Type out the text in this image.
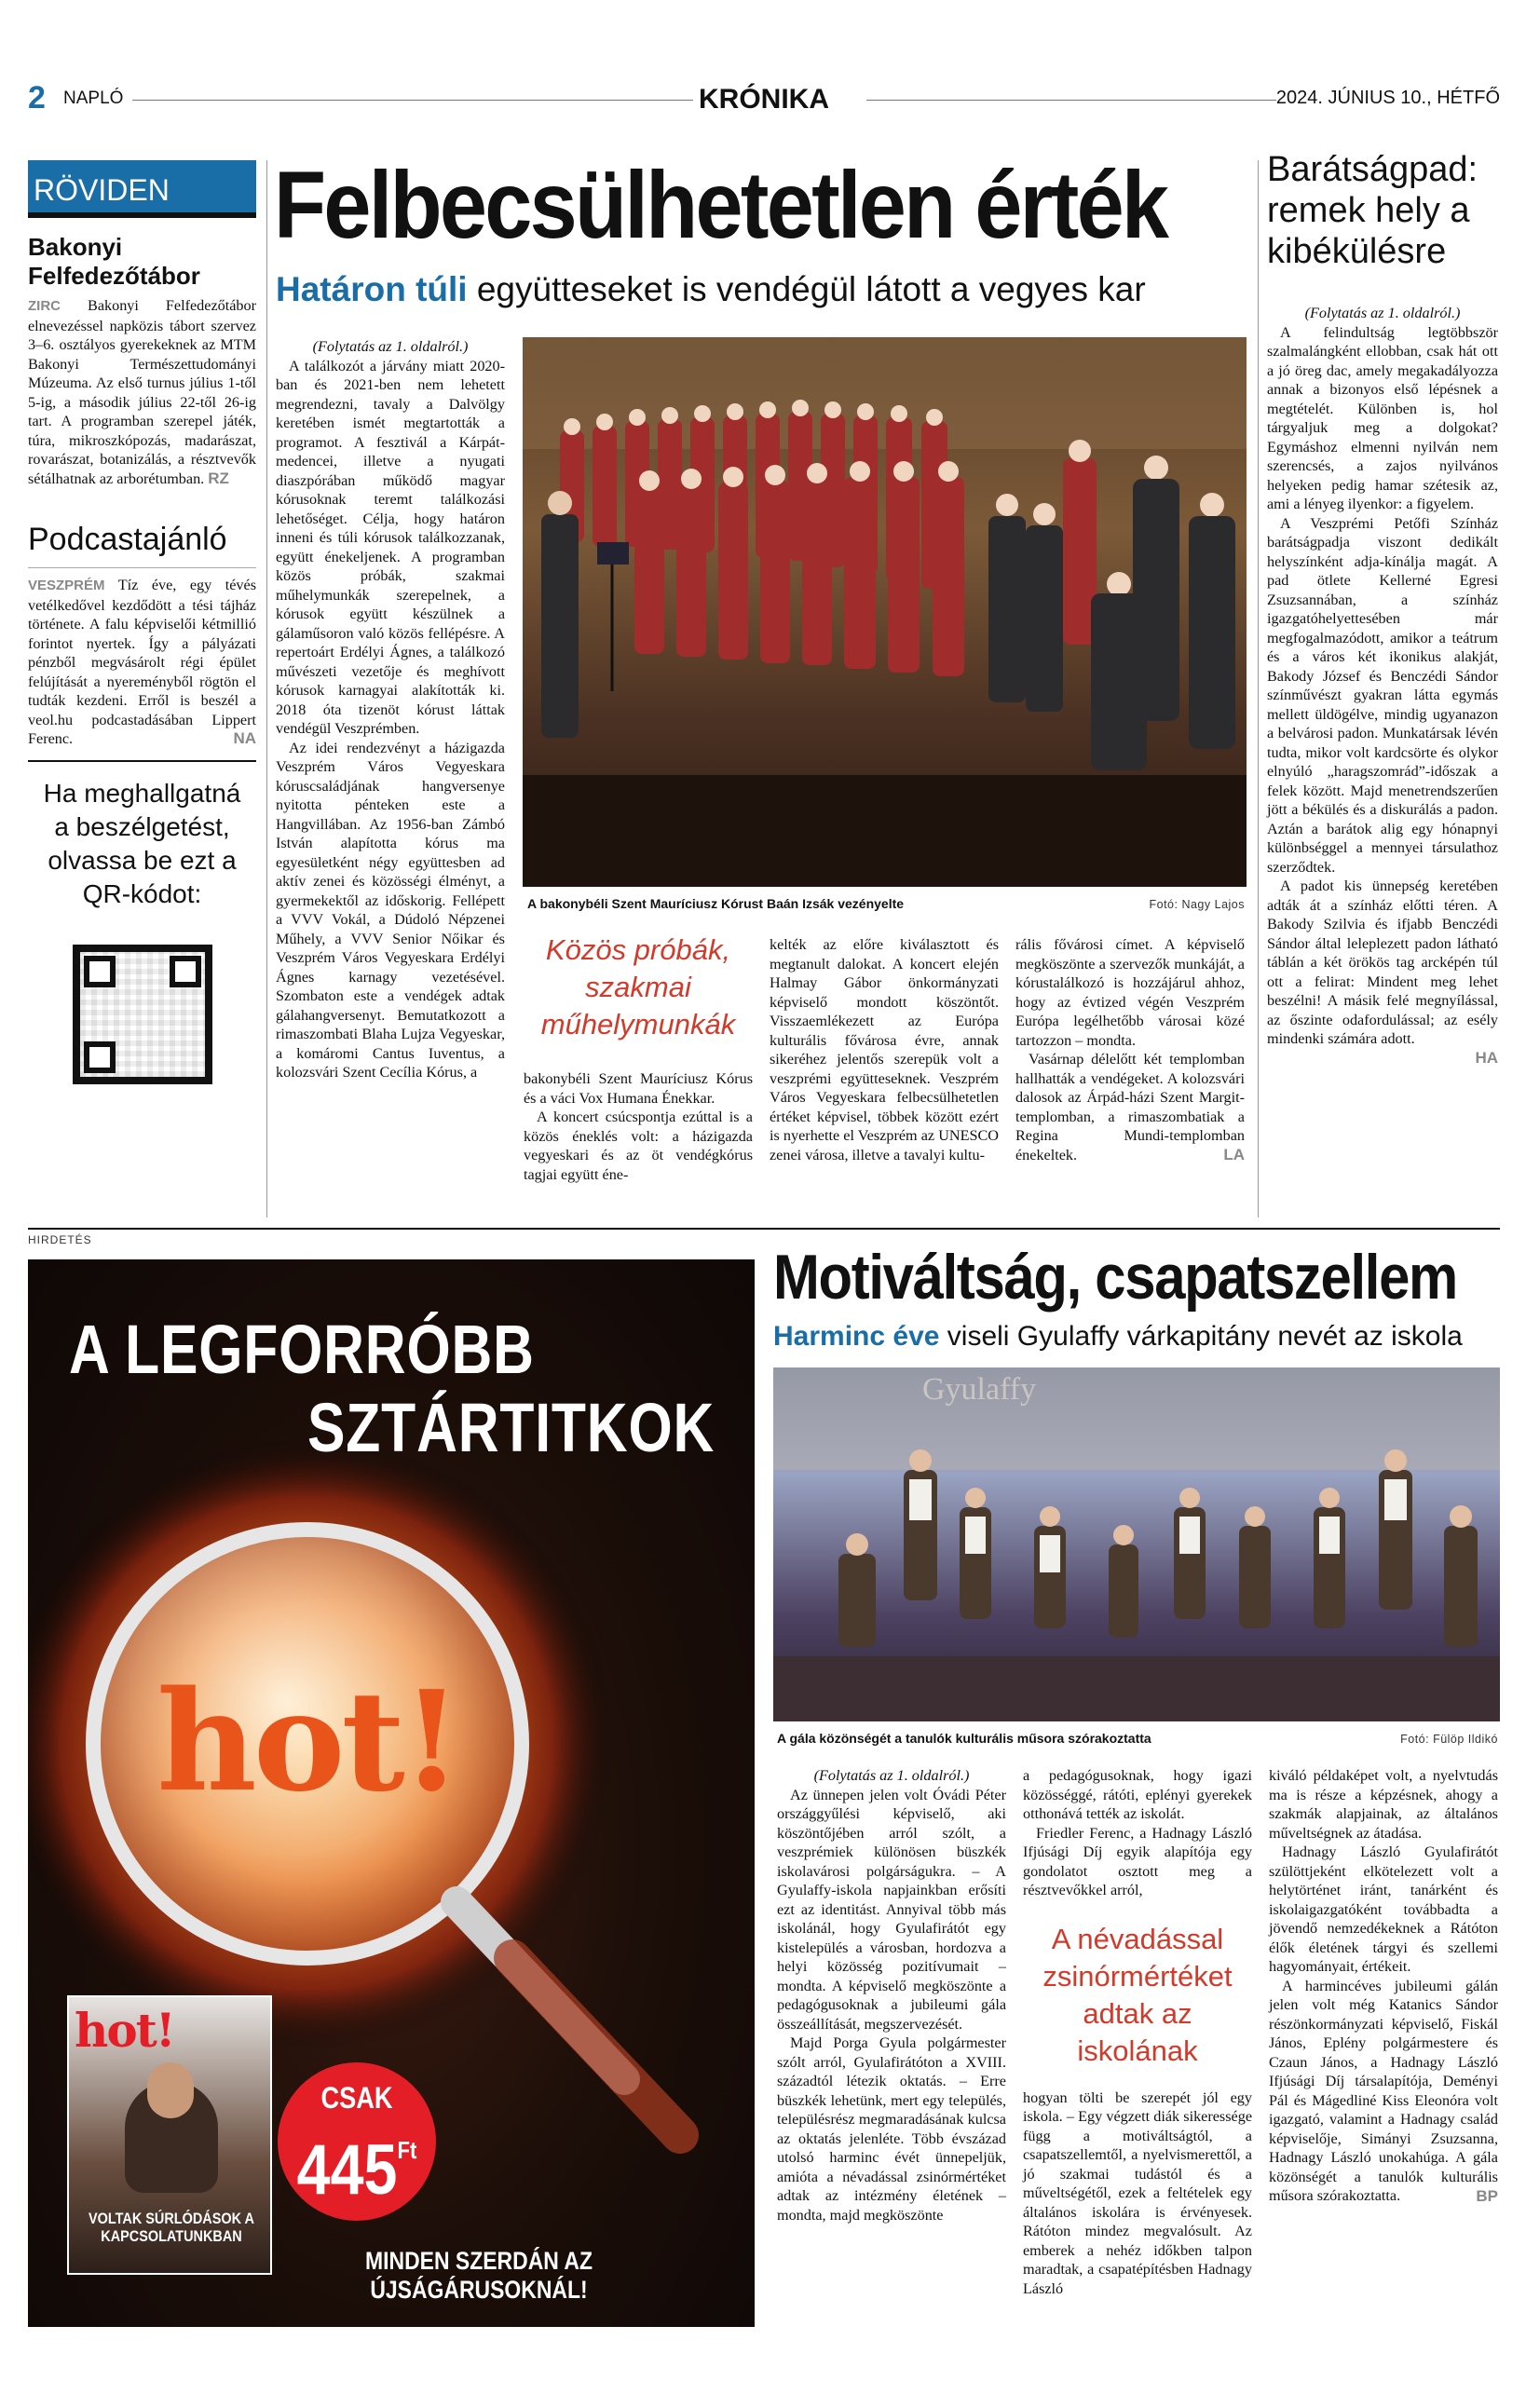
2 NAPLÓ	KRÓNIKA	2024. JÚNIUS 10., HÉTFŐ
RÖVIDEN
Bakonyi Felfedezőtábor

ZIRC Bakonyi Felfedezőtábor elnevezéssel napközis tábort szervez 3–6. osztályos gyerekeknek az MTM Bakonyi Természettudományi Múzeuma. Az első turnus július 1-től 5-ig, a második július 22-től 26-ig tart. A programban szerepel játék, túra, mikroszkópozás, madarászat, rovarászat, botanizálás, a résztvevők sétálhatnak az arborétumban. RZ

Podcastajánló

VESZPRÉM Tíz éve, egy tévés vetélkedővel kezdődött a tési tájház története. A falu képviselői kétmillió forintot nyertek. Így a pályázati pénzből megvásárolt régi épület felújítását a nyereményből rögtön el tudták kezdeni. Erről is beszél a veol.hu podcastadásában Lippert Ferenc.	NA

Ha meghallgatná a beszélgetést, olvassa be ezt a QR-kódot:
Felbecsülhetetlen érték
Határon túli együtteseket is vendégül látott a vegyes kar

(Folytatás az 1. oldalról.)

A találkozót a járvány miatt 2020-ban és 2021-ben nem lehetett megrendezni, tavaly a Dalvölgy keretében ismét megtartották a programot. A fesztivál a Kárpát-medencei, illetve a nyugati diaszpórában működő magyar kórusoknak teremt találkozási lehetőséget. Célja, hogy határon inneni és túli kórusok találkozzanak, együtt énekeljenek. A programban közös próbák, szakmai műhelymunkák szerepelnek, a kórusok együtt készülnek a gálaműsoron való közös fellépésre. A repertoárt Erdélyi Ágnes, a találkozó művészeti vezetője és meghívott kórusok karnagyai alakították ki. 2018 óta tizenöt kórust láttak vendégül Veszprémben.

Az idei rendezvényt a házigazda Veszprém Város Vegyeskara kóruscsaládjának hangversenye nyitotta pénteken este a Hangvillában. Az 1956-ban Zámbó István alapította kórus ma egyesületként négy együttesben ad aktív zenei és közösségi élményt, a gyermekektől az időskorig. Fellépett a VVV Vokál, a Dúdoló Népzenei Műhely, a VVV Senior Nőikar és Veszprém Város Vegyeskara Erdélyi Ágnes karnagy vezetésével. Szombaton este a vendégek adtak gálahangversenyt. Bemutatkozott a rimaszombati Blaha Lujza Vegyeskar, a komáromi Cantus Iuventus, a kolozsvári Szent Cecília Kórus, a

A bakonybéli Szent Mauríciusz Kórust Baán Izsák vezényelte	Fotó: Nagy Lajos
Közös próbák, szakmai műhelymunkák

bakonybéli Szent Mauríciusz Kórus és a váci Vox Humana Énekkar.

A koncert csúcspontja ezúttal is a közös éneklés volt: a házigazda vegyeskari és az öt vendégkórus tagjai együtt éne-

kelték az előre kiválasztott és megtanult dalokat. A koncert elején Halmay Gábor önkormányzati képviselő mondott köszöntőt. Visszaemlékezett az Európa kulturális fővárosa évre, annak sikeréhez jelentős szerepük volt a veszprémi együtteseknek. Veszprém Város Vegyeskara felbecsülhetetlen értéket képvisel, többek között ezért is nyerhette el Veszprém az UNESCO zenei városa, illetve a tavalyi kultu-

rális fővárosi címet. A képviselő megköszönte a szervezők munkáját, a kórustalálkozó is hozzájárul ahhoz, hogy az évtized végén Veszprém Európa legélhetőbb városai közé tartozzon – mondta.

Vasárnap délelőtt két templomban hallhatták a vendégeket. A kolozsvári dalosok az Árpád-házi Szent Margit-templomban, a rimaszombatiak a Regina Mundi-templomban énekeltek.	LA
Barátságpad: remek hely a kibékülésre

(Folytatás az 1. oldalról.)

A felindultság legtöbbször szalmalángként ellobban, csak hát ott a jó öreg dac, amely megakadályozza annak a bizonyos első lépésnek a megtételét. Különben is, hol tárgyaljuk meg a dolgokat? Egymáshoz elmenni nyilván nem szerencsés, a zajos nyilvános helyeken pedig hamar szétesik az, ami a lényeg ilyenkor: a figyelem.

A Veszprémi Petőfi Színház barátságpadja viszont dedikált helyszínként adja-kínálja magát. A pad ötlete Kellerné Egresi Zsuzsannában, a színház igazgatóhelyettesében már megfogalmazódott, amikor a teátrum és a város két ikonikus alakját, Bakody József és Benczédi Sándor színművészt gyakran látta egymás mellett üldögélve, mindig ugyanazon a belvárosi padon. Munkatársak lévén tudta, mikor volt kardcsörte és olykor elnyúló „haragszomrád”-időszak a felek között. Majd menetrendszerűen jött a békülés és a diskurálás a padon. Aztán a barátok alig egy hónapnyi különbséggel a mennyei társulathoz szerződtek.

A padot kis ünnepség keretében adták át a színház előtti téren. A Bakody Szilvia és ifjabb Benczédi Sándor által leleplezett padon látható táblán a két örökös tag arcképén túl ott a felirat: Mindent meg lehet beszélni! A másik felé megnyílással, az őszinte odafordulással; az esély mindenki számára adott.

HA
HIRDETÉS
A LEGFORRÓBB
SZTÁRTITKOK
hot!
hot!
VOLTAK SÚRLÓDÁSOK A KAPCSOLATUNKBAN
CSAK
$445^{Ft}$
MINDEN SZERDÁN AZ ÚJSÁGÁRUSOKNÁL!
Motiváltság, csapatszellem
Harminc éve viseli Gyulaffy várkapitány nevét az iskola
Gyulaffy
A gála közönségét a tanulók kulturális műsora szórakoztatta	Fotó: Fülöp Ildikó

(Folytatás az 1. oldalról.)

Az ünnepen jelen volt Óvádi Péter országgyűlési képviselő, aki köszöntőjében arról szólt, a veszprémiek különösen büszkék iskolavárosi polgárságukra. – A Gyulaffy-iskola napjainkban erősíti ezt az identitást. Annyival több más iskolánál, hogy Gyulafirátót egy kistelepülés a városban, hordozva a helyi közösség pozitívumait – mondta. A képviselő megköszönte a pedagógusoknak a jubileumi gála összeállítását, megszervezését.

Majd Porga Gyula polgármester szólt arról, Gyulafirátóton a XVIII. századtól létezik oktatás. – Erre büszkék lehetünk, mert egy település, településrész megmaradásának kulcsa az oktatás jelenléte. Több évszázad utolsó harminc évét ünnepeljük, amióta a névadással zsinórmértéket adtak az intézmény életének – mondta, majd megköszönte

a pedagógusoknak, hogy igazi közösséggé, rátóti, eplényi gyerekek otthonává tették az iskolát.

Friedler Ferenc, a Hadnagy László Ifjúsági Díj egyik alapítója egy gondolatot osztott meg a résztvevőkkel arról,

A névadással zsinórmértéket adtak az iskolának

hogyan tölti be szerepét jól egy iskola. – Egy végzett diák sikeressége függ a motiváltságtól, a csapatszellemtől, a nyelvismerettől, a jó szakmai tudástól és a műveltségétől, ezek a feltételek egy általános iskolára is érvényesek. Rátóton mindez megvalósult. Az emberek a nehéz időkben talpon maradtak, a csapatépítésben Hadnagy László

kiváló példaképet volt, a nyelvtudás ma is része a képzésnek, ahogy a szakmák alapjainak, az általános műveltségnek az átadása.

Hadnagy László Gyulafirátót szülöttjeként elkötelezett volt a helytörténet iránt, tanárként és iskolaigazgatóként továbbadta a jövendő nemzedékeknek a Rátóton élők életének tárgyi és szellemi hagyományait, értékeit.

A harmincéves jubileumi gálán jelen volt még Katanics Sándor részönkormányzati képviselő, Fiskál János, Eplény polgármestere és Czaun János, a Hadnagy László Ifjúsági Díj társalapítója, Deményi Pál és Mágedliné Kiss Eleonóra volt igazgató, valamint a Hadnagy család képviselője, Simányi Zsuzsanna, Hadnagy László unokahúga. A gála közönségét a tanulók kulturális műsora szórakoztatta.	BP
